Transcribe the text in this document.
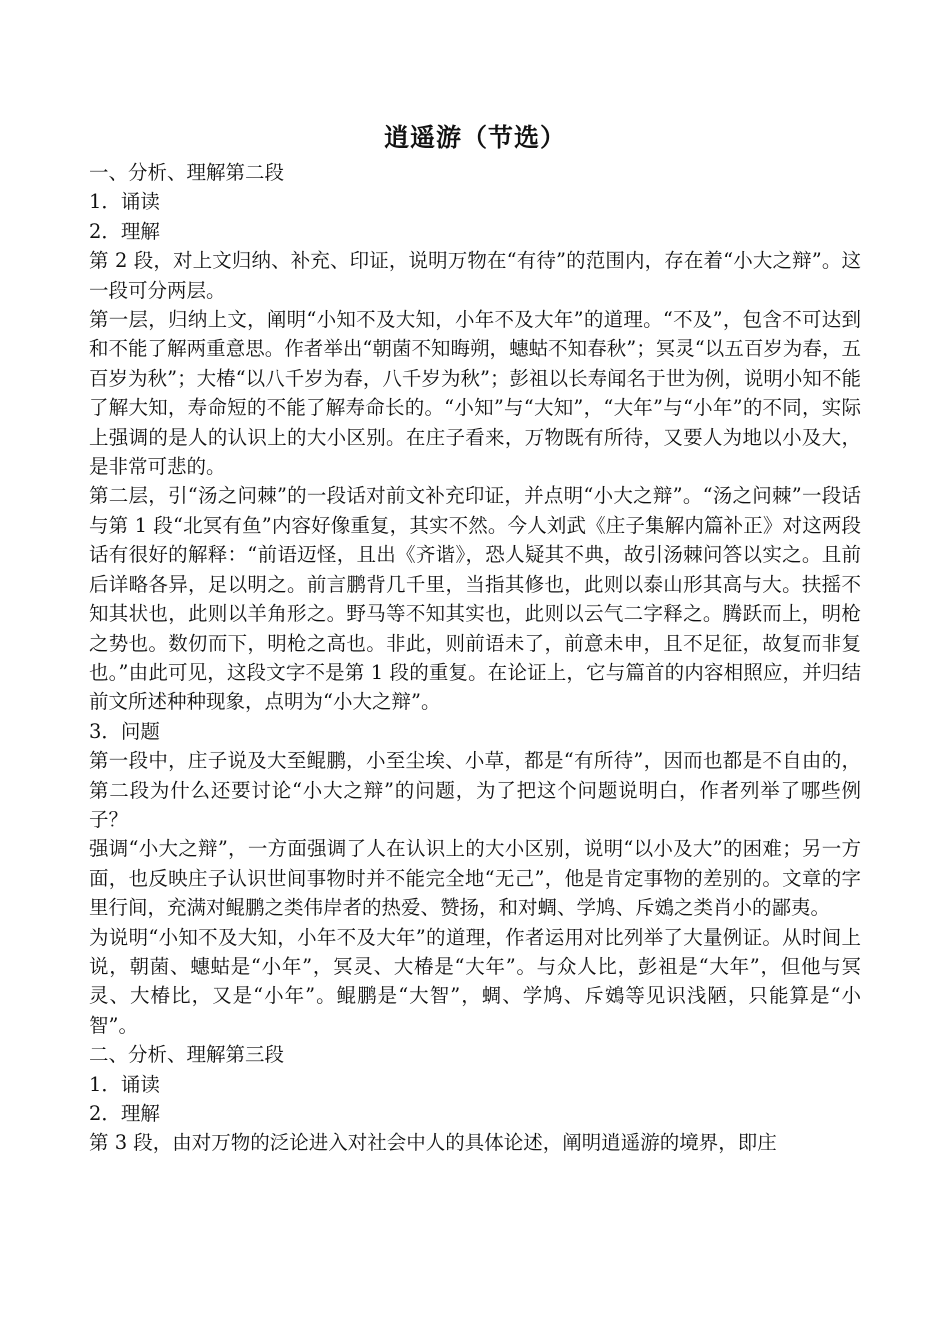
逍遥游（节选）

一、分析、理解第二段

1．诵读

2．理解

第 2 段，对上文归纳、补充、印证，说明万物在“有待”的范围内，存在着“小大之辩”。这一段可分两层。

第一层，归纳上文，阐明“小知不及大知，小年不及大年”的道理。“不及”，包含不可达到和不能了解两重意思。作者举出“朝菌不知晦朔，蟪蛄不知春秋”；冥灵“以五百岁为春，五百岁为秋”；大椿“以八千岁为春，八千岁为秋”；彭祖以长寿闻名于世为例，说明小知不能了解大知，寿命短的不能了解寿命长的。“小知”与“大知”，“大年”与“小年”的不同，实际上强调的是人的认识上的大小区别。在庄子看来，万物既有所待，又要人为地以小及大，是非常可悲的。

第二层，引“汤之问棘”的一段话对前文补充印证，并点明“小大之辩”。“汤之问棘”一段话与第 1 段“北冥有鱼”内容好像重复，其实不然。今人刘武《庄子集解内篇补正》对这两段话有很好的解释：“前语迈怪，且出《齐谐》，恐人疑其不典，故引汤棘问答以实之。且前后详略各异，足以明之。前言鹏背几千里，当指其修也，此则以泰山形其高与大。扶摇不知其状也，此则以羊角形之。野马等不知其实也，此则以云气二字释之。腾跃而上，明枪之势也。数仞而下，明枪之高也。非此，则前语未了，前意未申，且不足征，故复而非复也。”由此可见，这段文字不是第 1 段的重复。在论证上，它与篇首的内容相照应，并归结前文所述种种现象，点明为“小大之辩”。

3．问题

第一段中，庄子说及大至鲲鹏，小至尘埃、小草，都是“有所待”，因而也都是不自由的，第二段为什么还要讨论“小大之辩”的问题，为了把这个问题说明白，作者列举了哪些例子？

强调“小大之辩”，一方面强调了人在认识上的大小区别，说明“以小及大”的困难；另一方面，也反映庄子认识世间事物时并不能完全地“无己”，他是肯定事物的差别的。文章的字里行间，充满对鲲鹏之类伟岸者的热爱、赞扬，和对蜩、学鸠、斥鴳之类肖小的鄙夷。

为说明“小知不及大知，小年不及大年”的道理，作者运用对比列举了大量例证。从时间上说，朝菌、蟪蛄是“小年”，冥灵、大椿是“大年”。与众人比，彭祖是“大年”，但他与冥灵、大椿比，又是“小年”。鲲鹏是“大智”，蜩、学鸠、斥鴳等见识浅陋，只能算是“小智”。

二、分析、理解第三段

1．诵读

2．理解

第 3 段，由对万物的泛论进入对社会中人的具体论述，阐明逍遥游的境界，即庄
